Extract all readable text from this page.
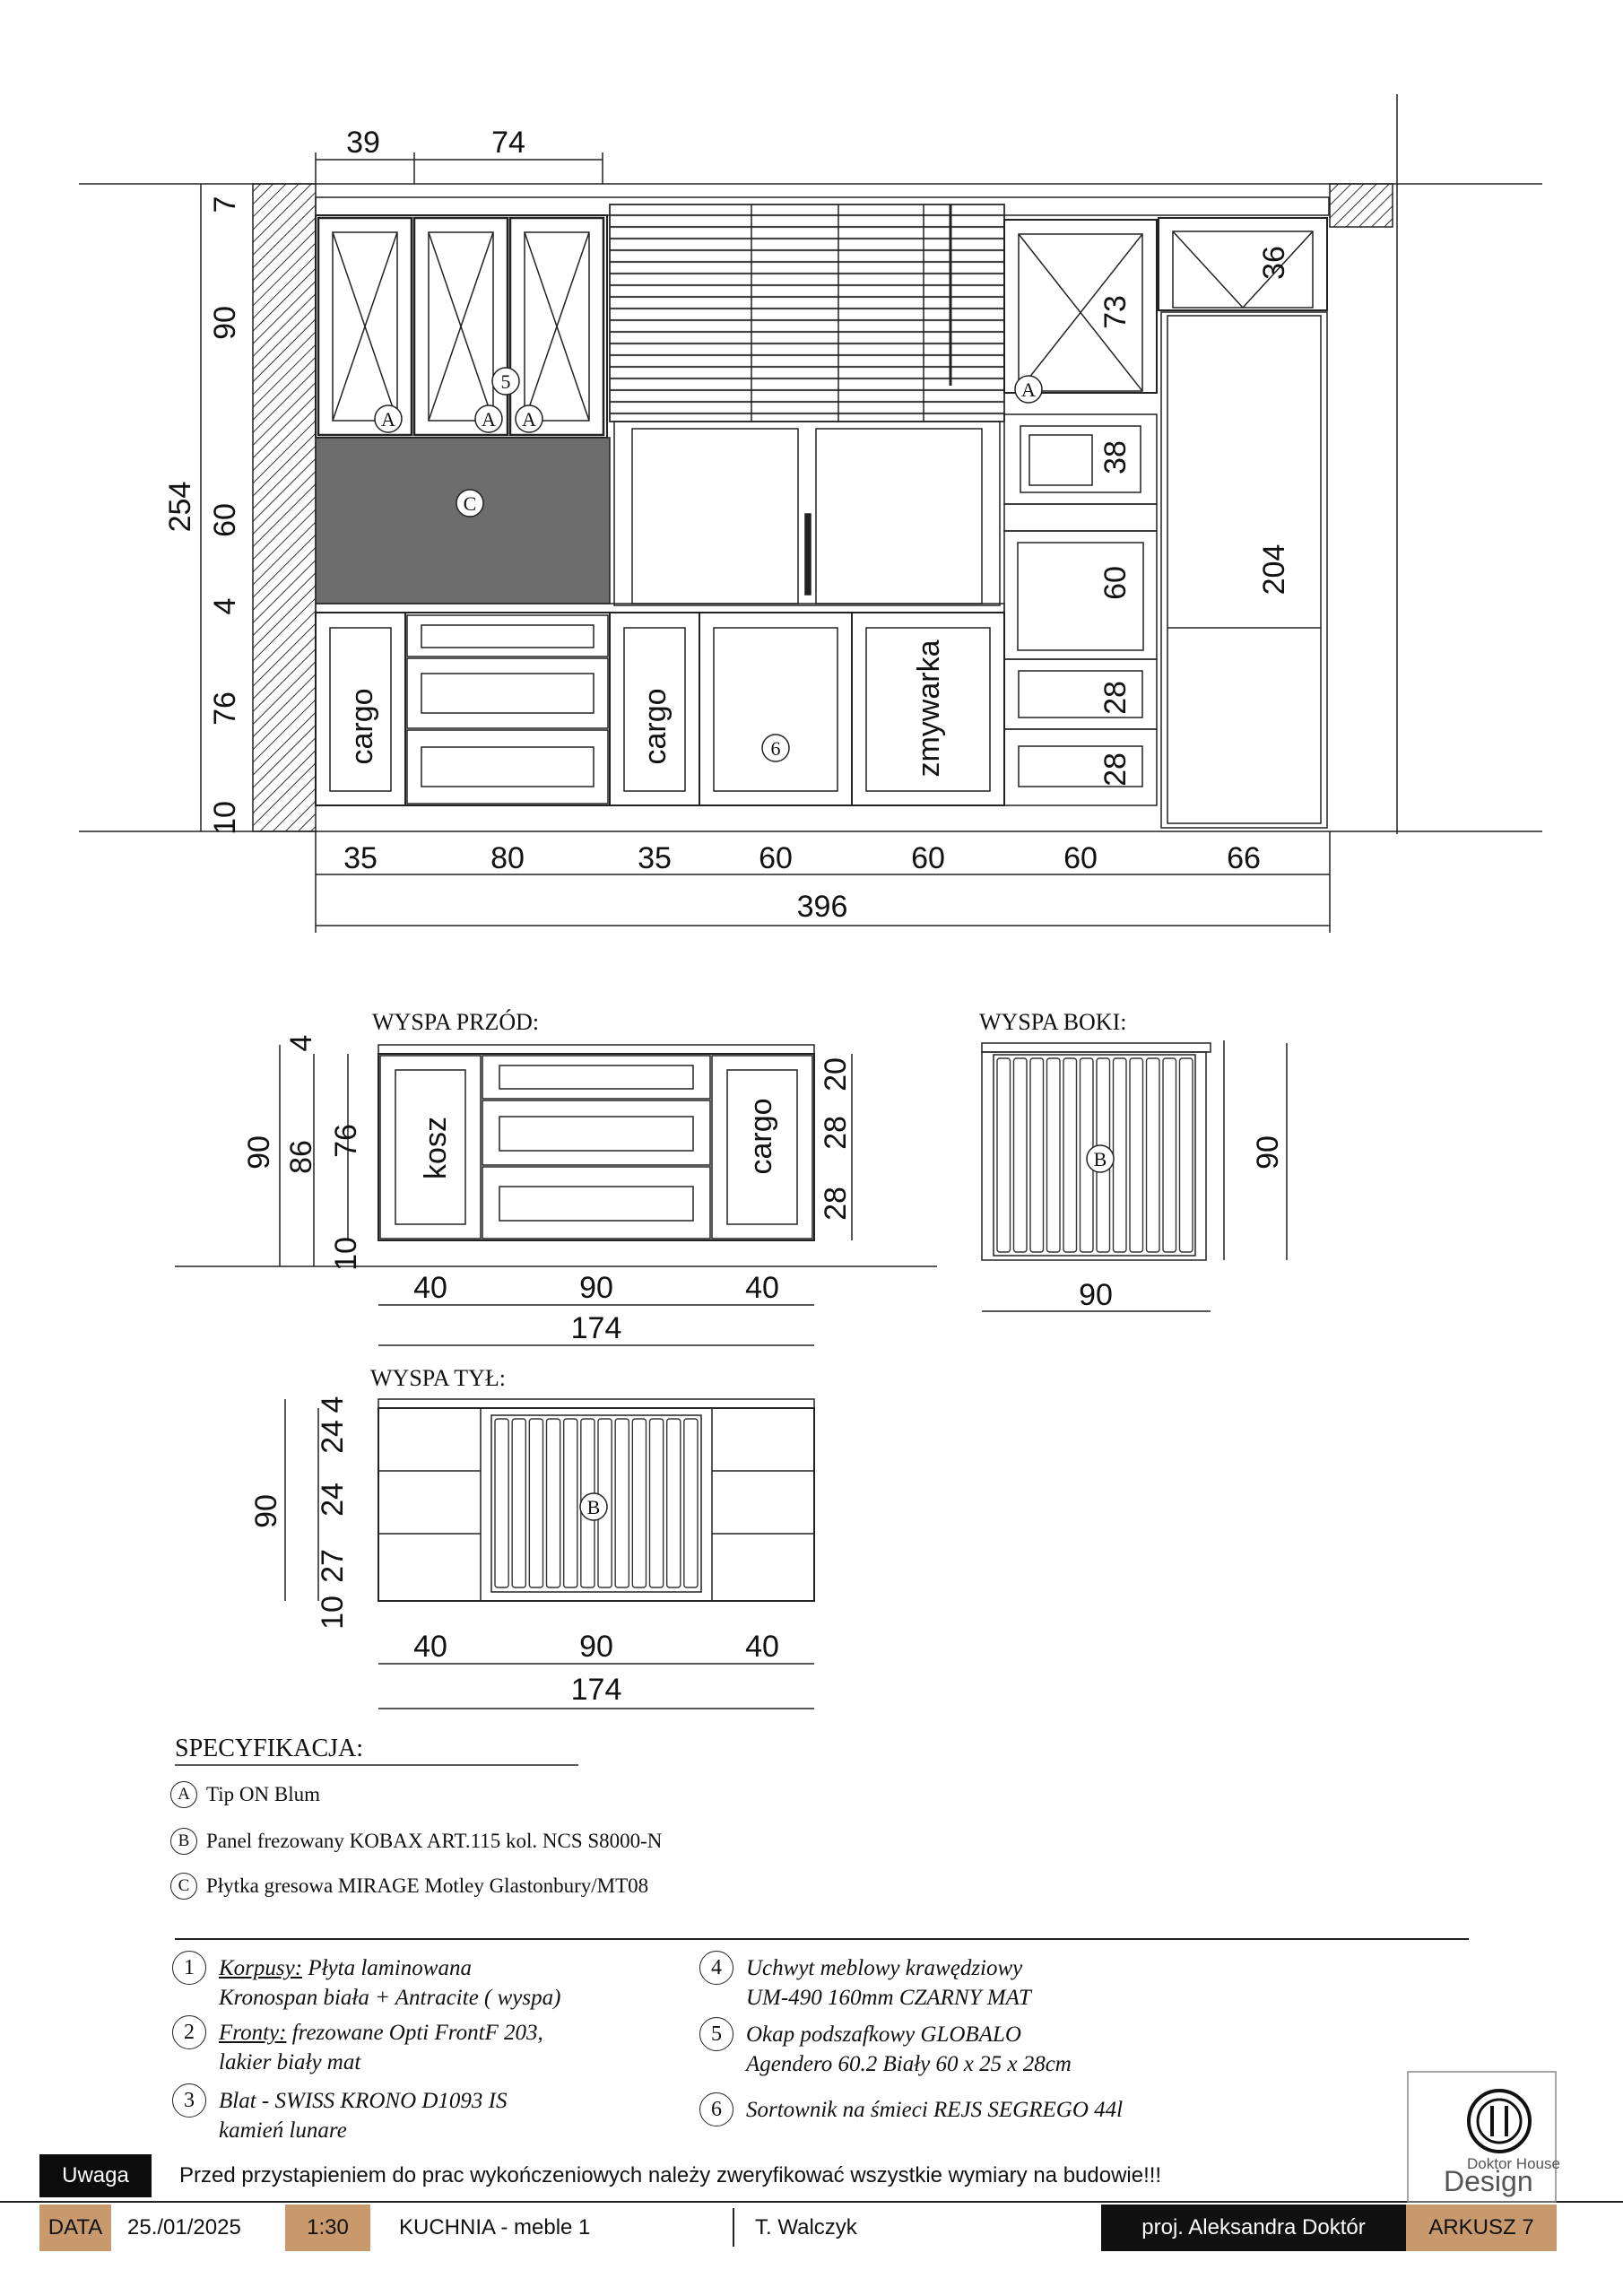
39	74
7
90
254 60
4
76
10
35	80	35	60	60	60	66
396
73
38
60
28
28
36
204
cargo	cargo	zmywarka
A	A A
A
5
C
6
WYSPA PRZÓD:
4
90 86 76
10
20
28
28
40	90	40
174
kosz	cargo
WYSPA BOKI:
90
90
B
WYSPA TYŁ:
4
24
24
27
10
90
40	90	40
174
B
SPECYFIKACJA:
Doktor House
Design
A Tip ON Blum
B Panel frezowany KOBAX ART.115 kol. NCS S8000-N
C Płytka gresowa MIRAGE Motley Glastonbury/MT08
1	Korpusy: Płyta laminowana
Kronospan biała + Antracite ( wyspa)
2	Fronty: frezowane Opti FrontF 203,
lakier biały mat
3	Blat - SWISS KRONO D1093 IS
kamień lunare
4	Uchwyt meblowy krawędziowy
UM-490 160mm CZARNY MAT
5	Okap podszafkowy GLOBALO
Agendero 60.2 Biały 60 x 25 x 28cm
6	Sortownik na śmieci REJS SEGREGO 44l
Uwaga	Przed przystapieniem do prac wykończeniowych należy zweryfikować wszystkie wymiary na budowie!!!
DATA	25./01/2025	1:30	KUCHNIA - meble 1	T. Walczyk	proj. Aleksandra Doktór	ARKUSZ 7
